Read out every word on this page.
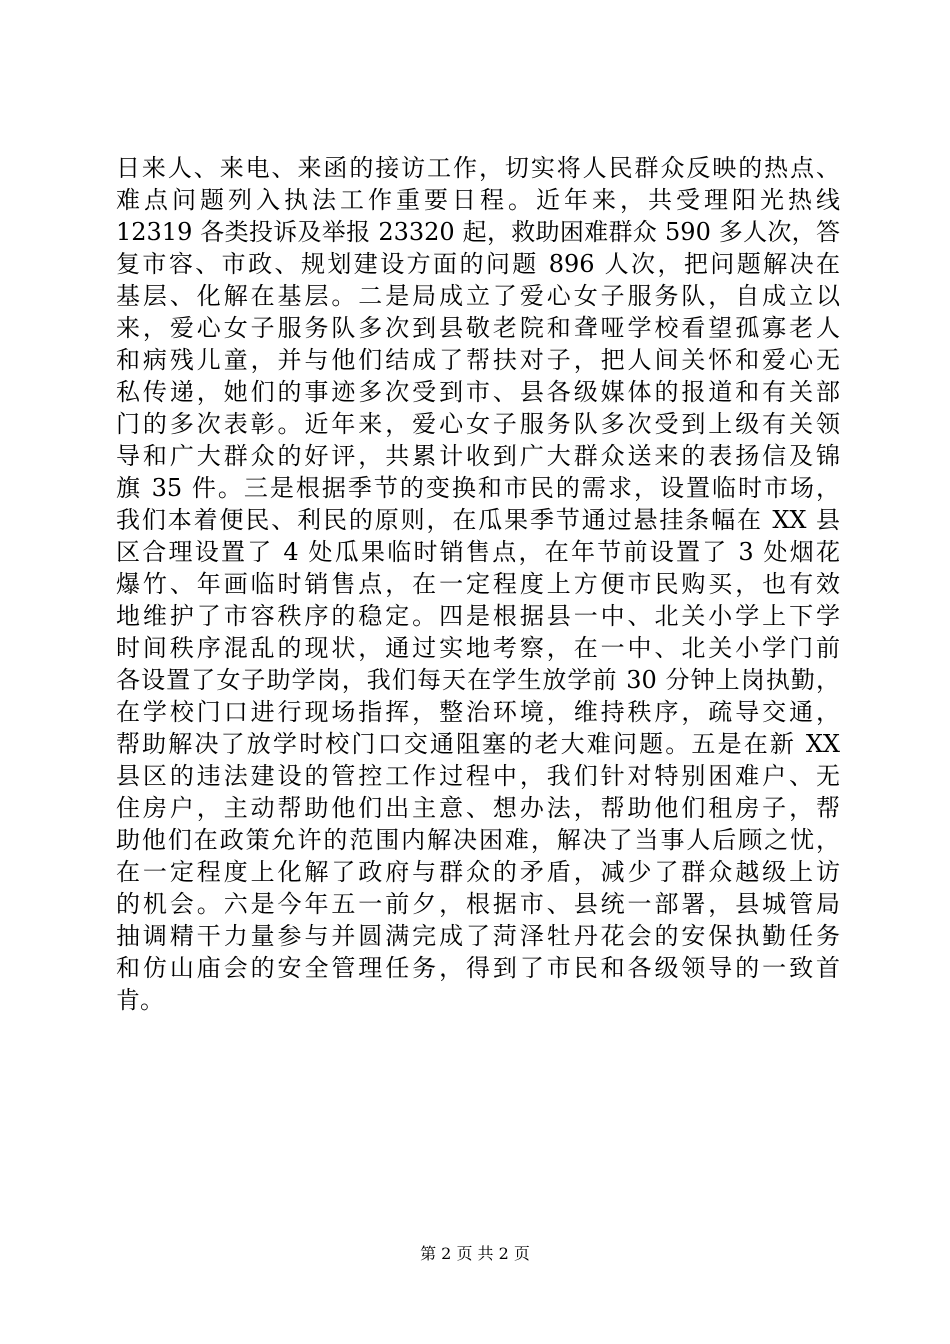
日来人、来电、来函的接访工作，切实将人民群众反映的热点、
难点问题列入执法工作重要日程。近年来，共受理阳光热线
12319 各类投诉及举报 23320 起，救助困难群众 590 多人次，答
复市容、市政、规划建设方面的问题 896 人次，把问题解决在
基层、化解在基层。二是局成立了爱心女子服务队，自成立以
来，爱心女子服务队多次到县敬老院和聋哑学校看望孤寡老人
和病残儿童，并与他们结成了帮扶对子，把人间关怀和爱心无
私传递，她们的事迹多次受到市、县各级媒体的报道和有关部
门的多次表彰。近年来，爱心女子服务队多次受到上级有关领
导和广大群众的好评，共累计收到广大群众送来的表扬信及锦
旗 35 件。三是根据季节的变换和市民的需求，设置临时市场，
我们本着便民、利民的原则，在瓜果季节通过悬挂条幅在 XX 县
区合理设置了 4 处瓜果临时销售点，在年节前设置了 3 处烟花
爆竹、年画临时销售点，在一定程度上方便市民购买，也有效
地维护了市容秩序的稳定。四是根据县一中、北关小学上下学
时间秩序混乱的现状，通过实地考察，在一中、北关小学门前
各设置了女子助学岗，我们每天在学生放学前 30 分钟上岗执勤，
在学校门口进行现场指挥，整治环境，维持秩序，疏导交通，
帮助解决了放学时校门口交通阻塞的老大难问题。五是在新 XX
县区的违法建设的管控工作过程中，我们针对特别困难户、无
住房户，主动帮助他们出主意、想办法，帮助他们租房子，帮
助他们在政策允许的范围内解决困难，解决了当事人后顾之忧，
在一定程度上化解了政府与群众的矛盾，减少了群众越级上访
的机会。六是今年五一前夕，根据市、县统一部署，县城管局
抽调精干力量参与并圆满完成了菏泽牡丹花会的安保执勤任务
和仿山庙会的安全管理任务，得到了市民和各级领导的一致首
肯。
第 2 页 共 2 页
